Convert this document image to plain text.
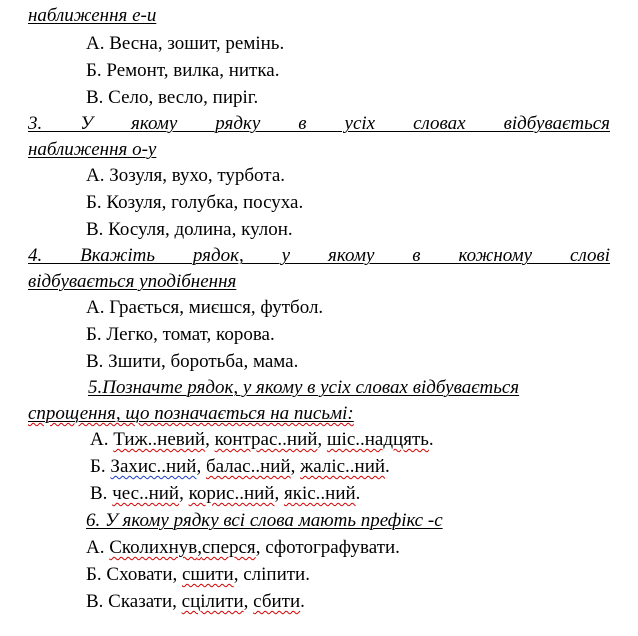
наближення е-и
А. Весна, зошит, ремінь.
Б. Ремонт, вилка, нитка.
В. Село, весло, пиріг.
3. У якому рядку в усіх словах відбувається
наближення о-у
А. Зозуля, вухо, турбота.
Б. Козуля, голубка, посуха.
В. Косуля, долина, кулон.
4. Вкажіть рядок, у якому в кожному слові
відбувається уподібнення
А. Грається, миєшся, футбол.
Б. Легко, томат, корова.
В. Зшити, боротьба, мама.
5.Позначте рядок, у якому в усіх словах відбувається
спрощення, що позначається на письмі:
А. Тиж..невий, контрас..ний, шіс..надцять.
Б. Захис..ний, балас..ний, жаліс..ний.
В. чес..ний, корис..ний, якіс..ний.
6. У якому рядку всі слова мають префікс -с
А. Сколихнув,сперся, сфотографувати.
Б. Сховати, сшити, сліпити.
В. Сказати, сцілити, сбити.
